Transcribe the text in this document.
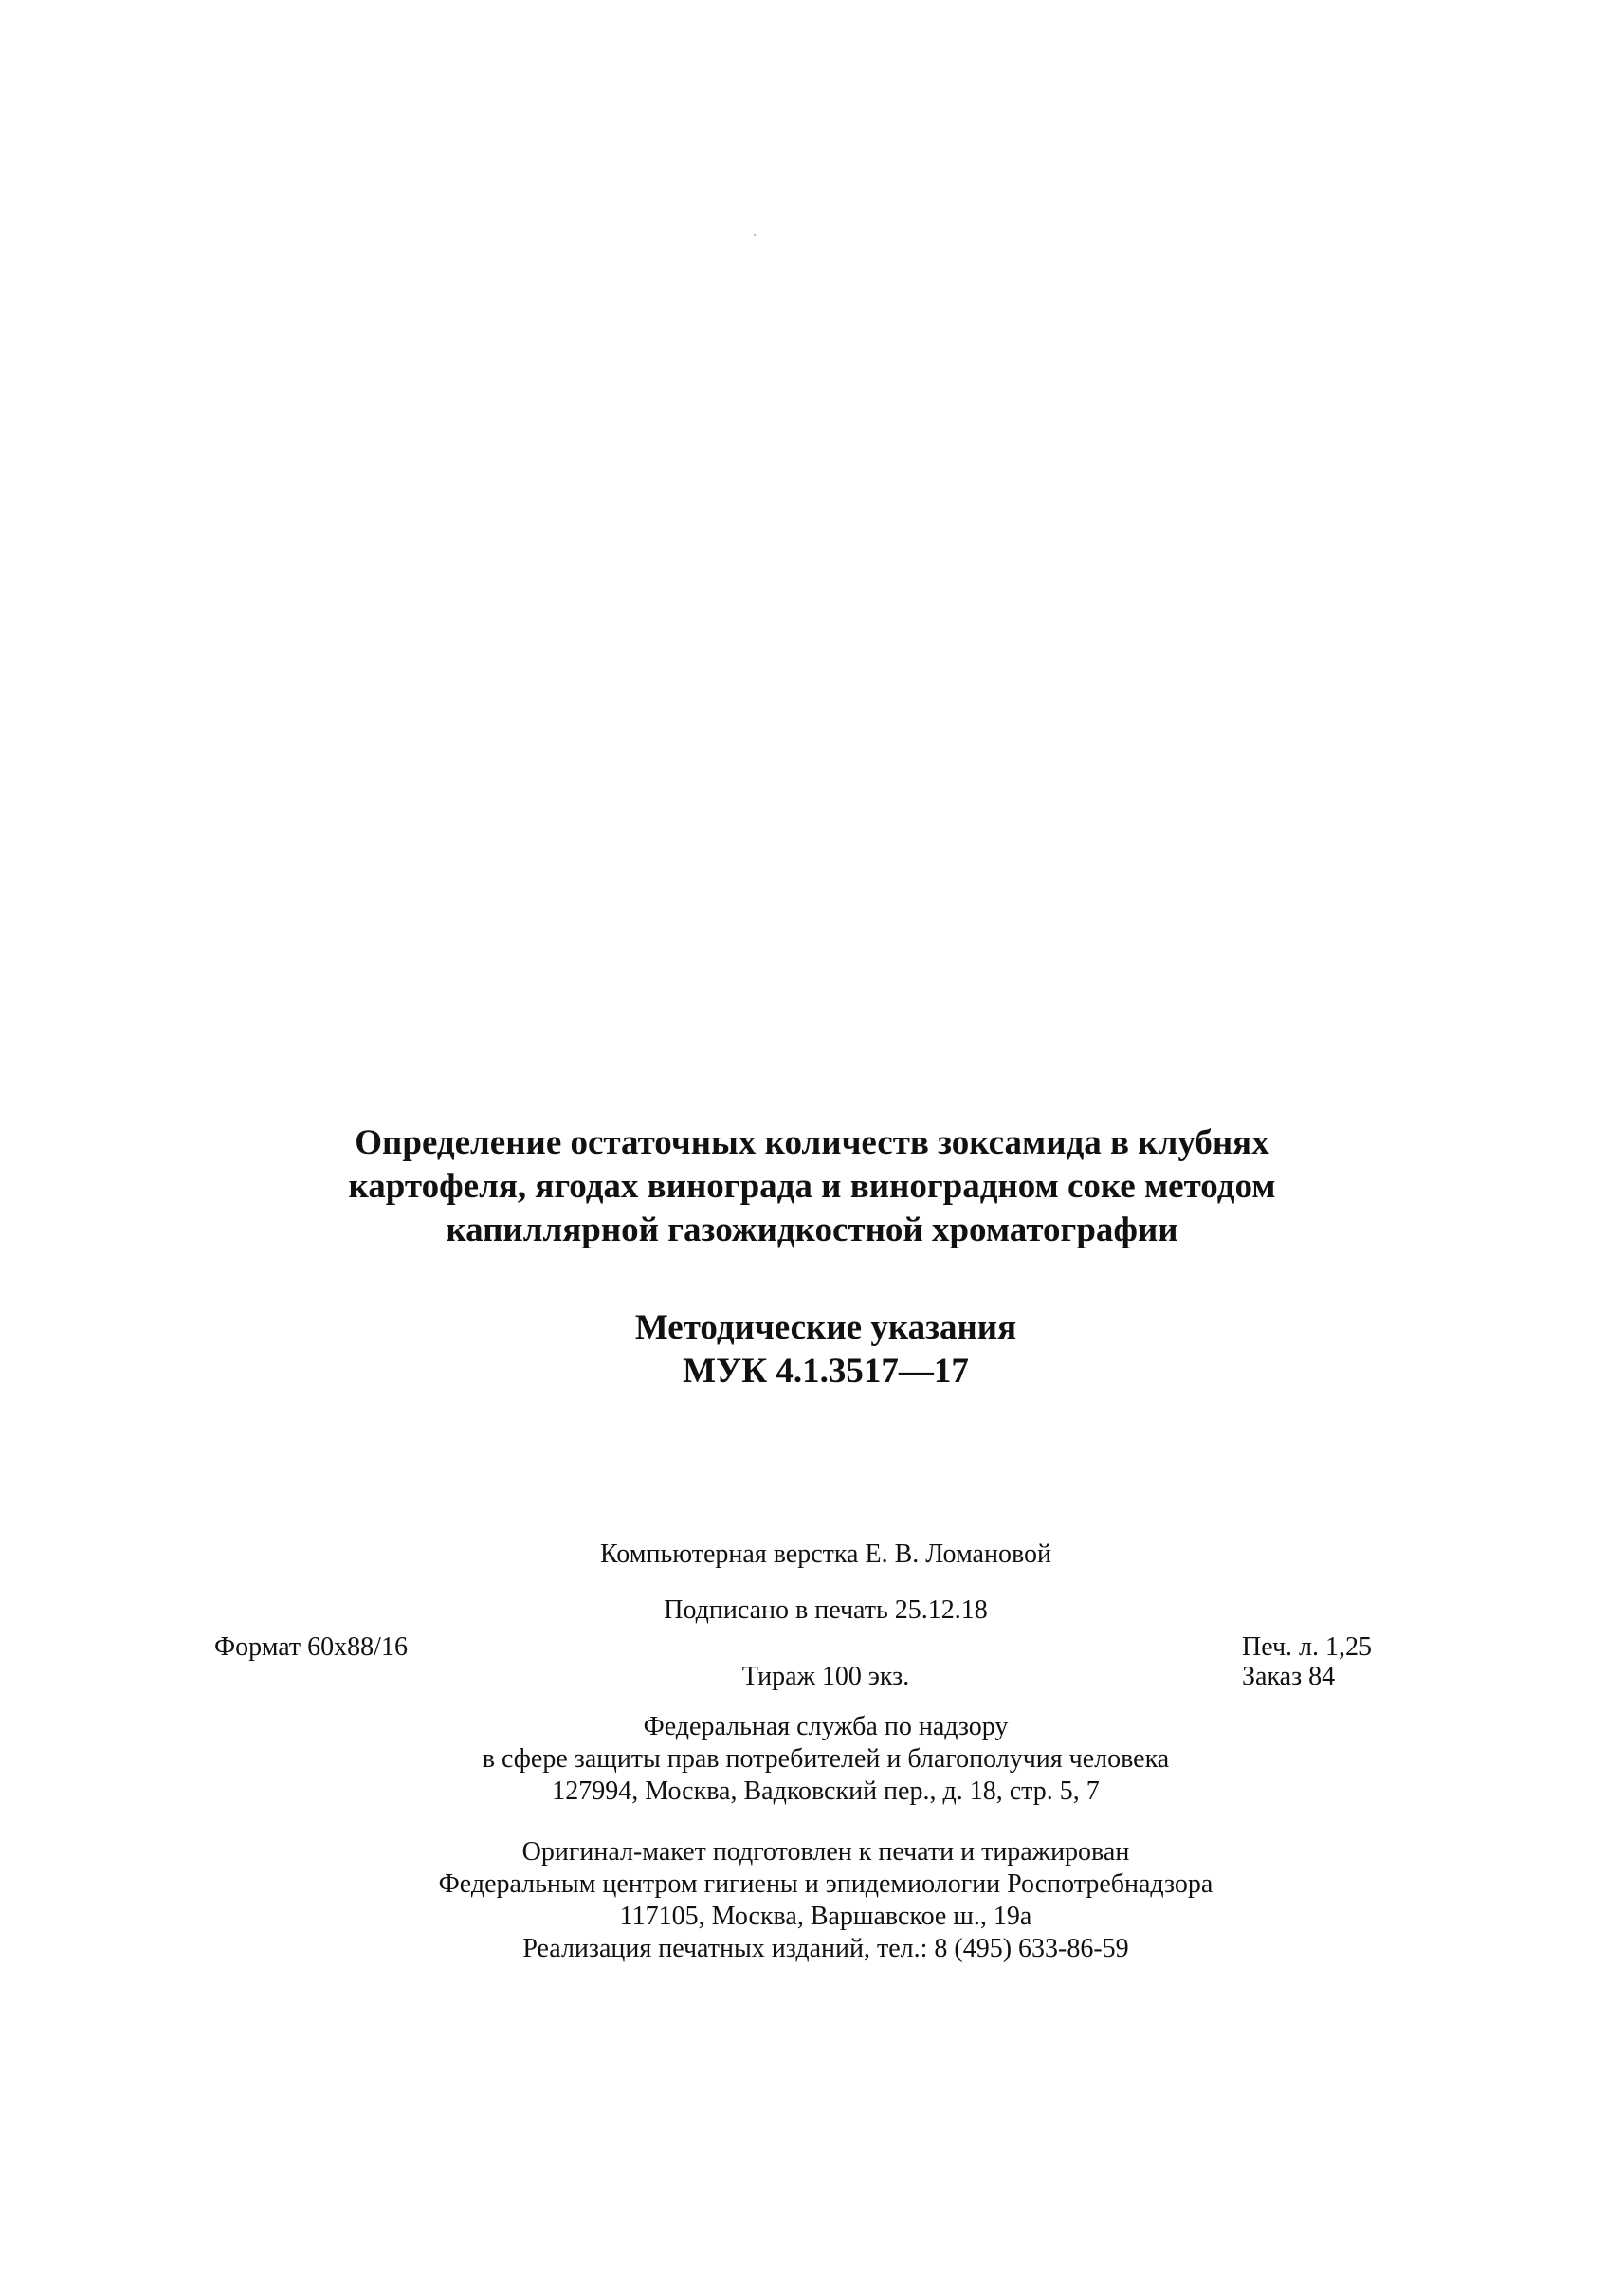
Определение остаточных количеств зоксамида в клубнях
картофеля, ягодах винограда и виноградном соке методом
капиллярной газожидкостной хроматографии
Методические указания
МУК 4.1.3517—17
Компьютерная верстка Е. В. Ломановой
Подписано в печать 25.12.18
Формат 60x88/16	Печ. л. 1,25
Тираж 100 экз.	Заказ 84
Федеральная служба по надзору
в сфере защиты прав потребителей и благополучия человека
127994, Москва, Вадковский пер., д. 18, стр. 5, 7
Оригинал-макет подготовлен к печати и тиражирован
Федеральным центром гигиены и эпидемиологии Роспотребнадзора
117105, Москва, Варшавское ш., 19а
Реализация печатных изданий, тел.: 8 (495) 633-86-59
